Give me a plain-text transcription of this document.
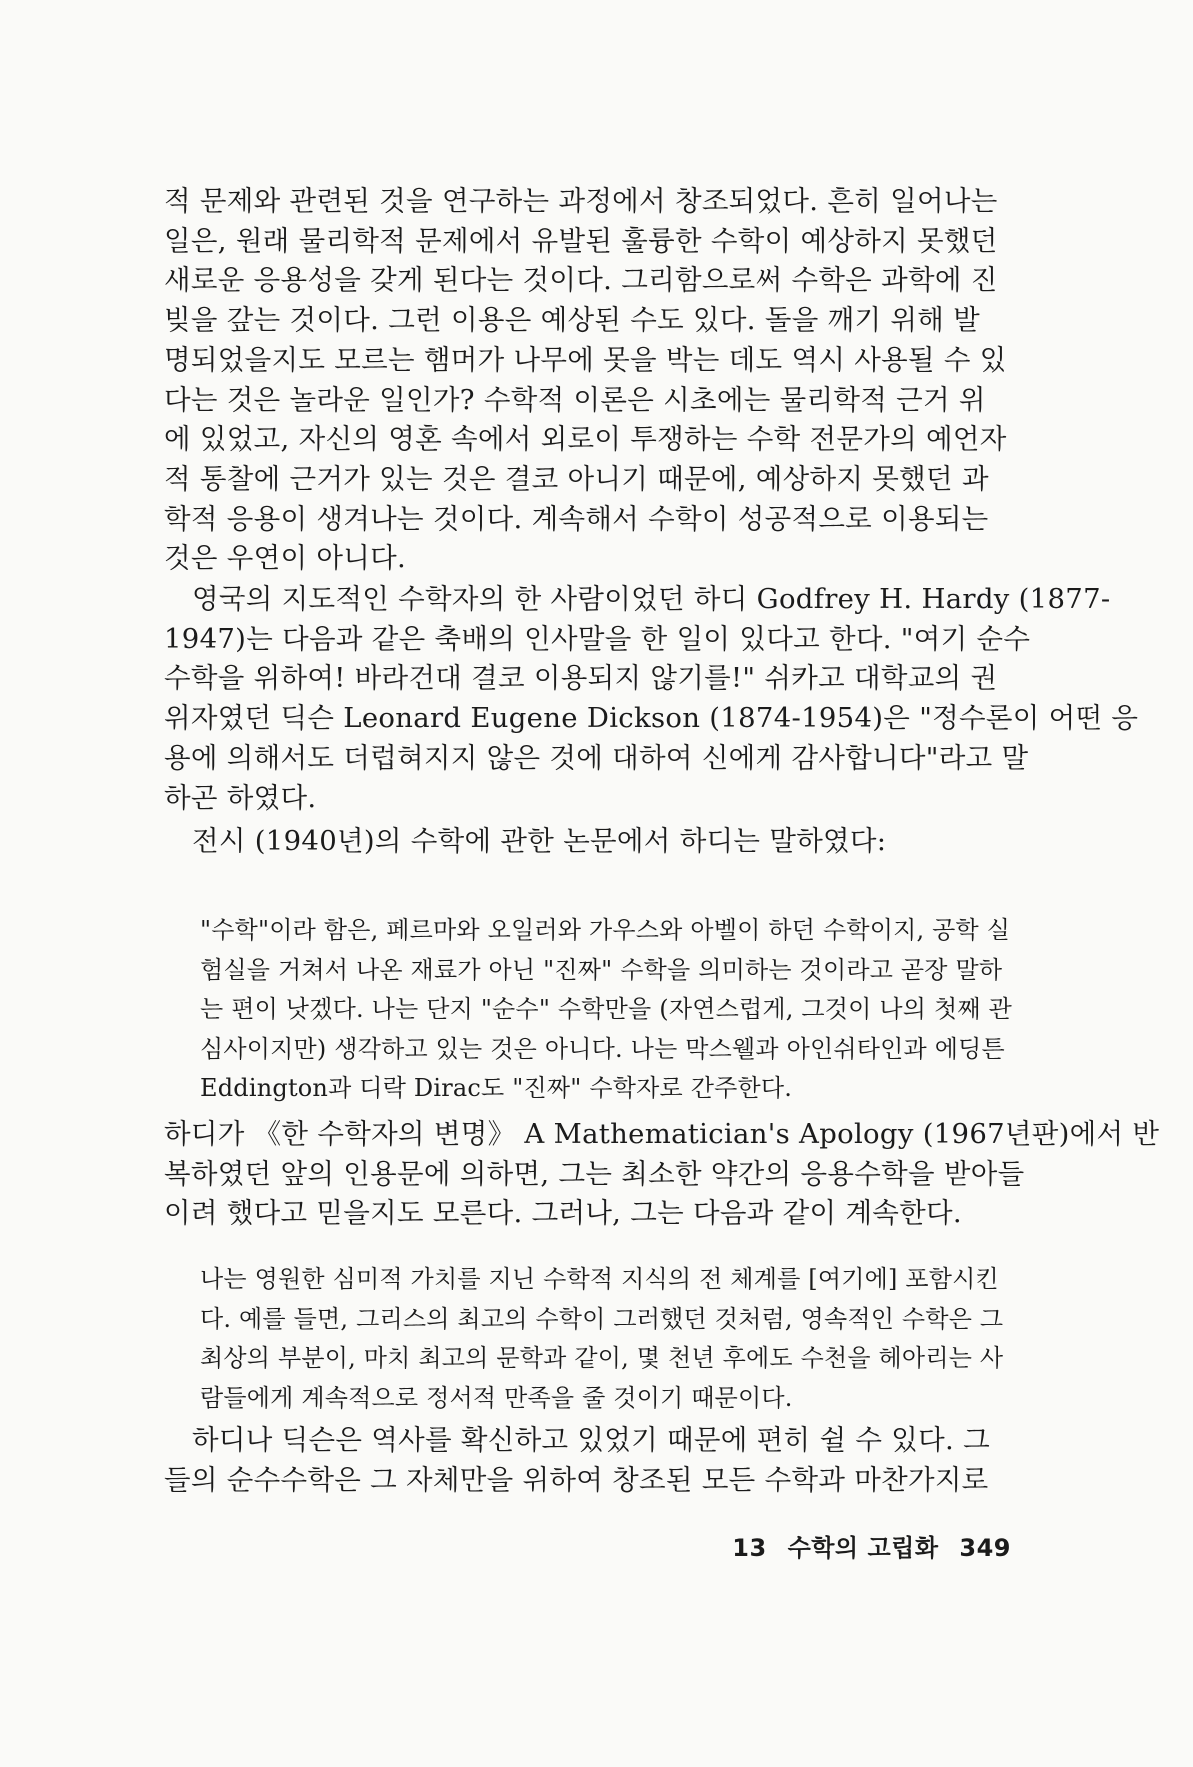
적 문제와 관련된 것을 연구하는 과정에서 창조되었다. 흔히 일어나는
일은, 원래 물리학적 문제에서 유발된 훌륭한 수학이 예상하지 못했던
새로운 응용성을 갖게 된다는 것이다. 그리함으로써 수학은 과학에 진
빚을 갚는 것이다. 그런 이용은 예상된 수도 있다. 돌을 깨기 위해 발
명되었을지도 모르는 햄머가 나무에 못을 박는 데도 역시 사용될 수 있
다는 것은 놀라운 일인가? 수학적 이론은 시초에는 물리학적 근거 위
에 있었고, 자신의 영혼 속에서 외로이 투쟁하는 수학 전문가의 예언자
적 통찰에 근거가 있는 것은 결코 아니기 때문에, 예상하지 못했던 과
학적 응용이 생겨나는 것이다. 계속해서 수학이 성공적으로 이용되는
것은 우연이 아니다.

영국의 지도적인 수학자의 한 사람이었던 하디 Godfrey H. Hardy (1877-
1947)는 다음과 같은 축배의 인사말을 한 일이 있다고 한다. "여기 순수
수학을 위하여! 바라건대 결코 이용되지 않기를!" 쉬카고 대학교의 권
위자였던 딕슨 Leonard Eugene Dickson (1874-1954)은 "정수론이 어떤 응
용에 의해서도 더럽혀지지 않은 것에 대하여 신에게 감사합니다"라고 말
하곤 하였다.

전시 (1940년)의 수학에 관한 논문에서 하디는 말하였다:

"수학"이라 함은, 페르마와 오일러와 가우스와 아벨이 하던 수학이지, 공학 실
험실을 거쳐서 나온 재료가 아닌 "진짜" 수학을 의미하는 것이라고 곧장 말하
는 편이 낫겠다. 나는 단지 "순수" 수학만을 (자연스럽게, 그것이 나의 첫째 관
심사이지만) 생각하고 있는 것은 아니다. 나는 막스웰과 아인쉬타인과 에딩튼
Eddington과 디락 Dirac도 "진짜" 수학자로 간주한다.

하디가 《한 수학자의 변명》 A Mathematician's Apology (1967년판)에서 반
복하였던 앞의 인용문에 의하면, 그는 최소한 약간의 응용수학을 받아들
이려 했다고 믿을지도 모른다. 그러나, 그는 다음과 같이 계속한다.

나는 영원한 심미적 가치를 지닌 수학적 지식의 전 체계를 [여기에] 포함시킨
다. 예를 들면, 그리스의 최고의 수학이 그러했던 것처럼, 영속적인 수학은 그
최상의 부분이, 마치 최고의 문학과 같이, 몇 천년 후에도 수천을 헤아리는 사
람들에게 계속적으로 정서적 만족을 줄 것이기 때문이다.

하디나 딕슨은 역사를 확신하고 있었기 때문에 편히 쉴 수 있다. 그
들의 순수수학은 그 자체만을 위하여 창조된 모든 수학과 마찬가지로

13 수학의 고립화 349
